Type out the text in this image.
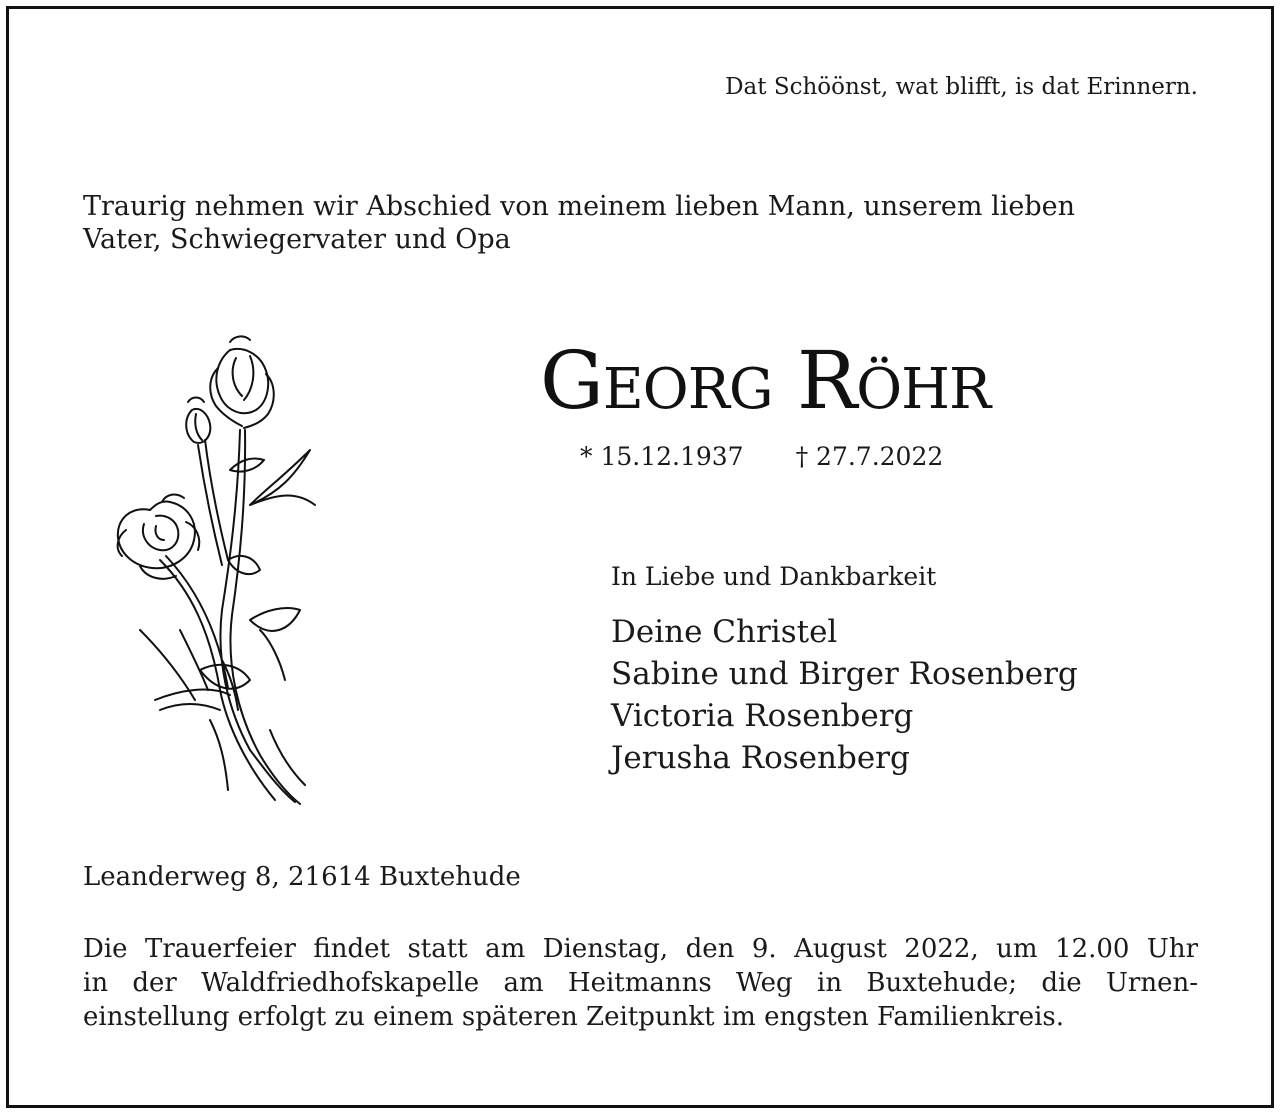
Dat Schöönst, wat blifft, is dat Erinnern.
Traurig nehmen wir Abschied von meinem lieben Mann, unserem lieben
Vater, Schwiegervater und Opa
Georg Röhr
* 15.12.1937 † 27.7.2022
In Liebe und Dankbarkeit
Deine Christel
Sabine und Birger Rosenberg
Victoria Rosenberg
Jerusha Rosenberg
Leanderweg 8, 21614 Buxtehude
Die Trauerfeier findet statt am Dienstag, den 9. August 2022, um 12.00 Uhr
in der Waldfriedhofskapelle am Heitmanns Weg in Buxtehude; die Urnen-
einstellung erfolgt zu einem späteren Zeitpunkt im engsten Familienkreis.
